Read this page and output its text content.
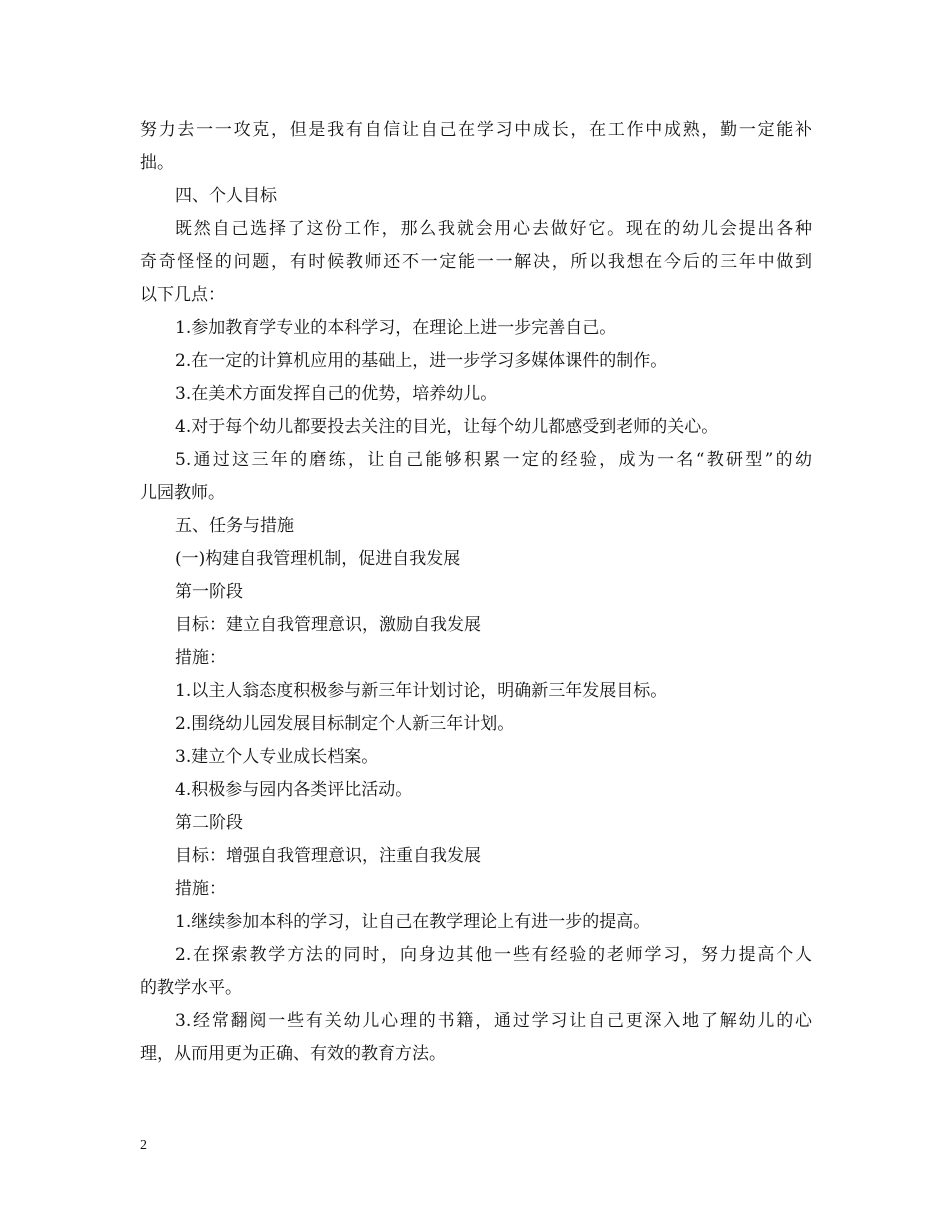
努力去一一攻克，但是我有自信让自己在学习中成长，在工作中成熟，勤一定能补
拙。
四、个人目标
既然自己选择了这份工作，那么我就会用心去做好它。现在的幼儿会提出各种
奇奇怪怪的问题，有时候教师还不一定能一一解决，所以我想在今后的三年中做到
以下几点：
1.参加教育学专业的本科学习，在理论上进一步完善自己。
2.在一定的计算机应用的基础上，进一步学习多媒体课件的制作。
3.在美术方面发挥自己的优势，培养幼儿。
4.对于每个幼儿都要投去关注的目光，让每个幼儿都感受到老师的关心。
5.通过这三年的磨练，让自己能够积累一定的经验，成为一名“教研型”的幼
儿园教师。
五、任务与措施
(一)构建自我管理机制，促进自我发展
第一阶段
目标：建立自我管理意识，激励自我发展
措施：
1.以主人翁态度积极参与新三年计划讨论，明确新三年发展目标。
2.围绕幼儿园发展目标制定个人新三年计划。
3.建立个人专业成长档案。
4.积极参与园内各类评比活动。
第二阶段
目标：增强自我管理意识，注重自我发展
措施：
1.继续参加本科的学习，让自己在教学理论上有进一步的提高。
2.在探索教学方法的同时，向身边其他一些有经验的老师学习，努力提高个人
的教学水平。
3.经常翻阅一些有关幼儿心理的书籍，通过学习让自己更深入地了解幼儿的心
理，从而用更为正确、有效的教育方法。
2
